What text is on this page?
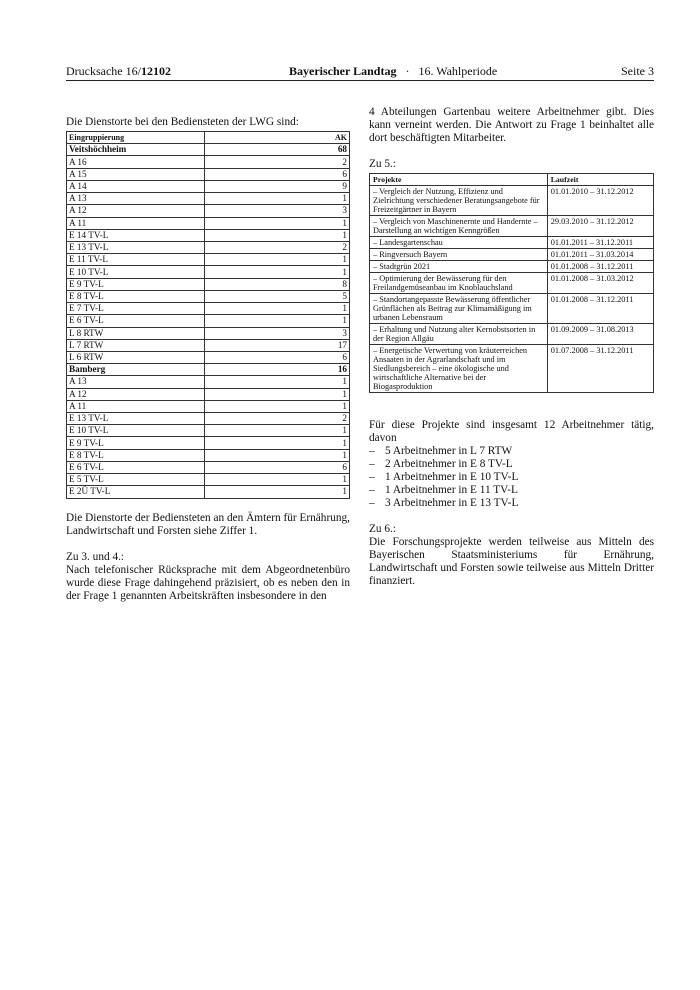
Drucksache 16/12102	Bayerischer Landtag · 16. Wahlperiode	Seite 3

Die Dienstorte bei den Bediensteten der LWG sind:

Eingruppierung	AK
Veitshöchheim	68
A 16	2
A 15	6
A 14	9
A 13	1
A 12	3
A 11	1
E 14 TV-L	1
E 13 TV-L	2
E 11 TV-L	1
E 10 TV-L	1
E 9 TV-L	8
E 8 TV-L	5
E 7 TV-L	1
E 6 TV-L	1
L 8 RTW	3
L 7 RTW	17
L 6 RTW	6
Bamberg	16
A 13	1
A 12	1
A 11	1
E 13 TV-L	2
E 10 TV-L	1
E 9 TV-L	1
E 8 TV-L	1
E 6 TV-L	6
E 5 TV-L	1
E 2Ü TV-L	1

Die Dienstorte der Bediensteten an den Ämtern für Ernährung, Landwirtschaft und Forsten siehe Ziffer 1.

Zu 3. und 4.:

Nach telefonischer Rücksprache mit dem Abgeordnetenbüro wurde diese Frage dahingehend präzisiert, ob es neben den in der Frage 1 genannten Arbeitskräften insbesondere in den

4 Abteilungen Gartenbau weitere Arbeitnehmer gibt. Dies kann verneint werden. Die Antwort zu Frage 1 beinhaltet alle dort beschäftigten Mitarbeiter.

Zu 5.:

Projekte	Laufzeit
– Vergleich der Nutzung, Effizienz und Zielrichtung verschiedener Beratungsangebote für Freizeitgärtner in Bayern	01.01.2010 – 31.12.2012
– Vergleich von Maschinenernte und Handernte – Darstellung an wichtigen Kenngrößen	29.03.2010 – 31.12.2012
– Landesgartenschau	01.01.2011 – 31.12.2011
– Ringversuch Bayern	01.01.2011 – 31.03.2014
– Stadtgrün 2021	01.01.2008 – 31.12.2011
– Optimierung der Bewässerung für den Freilandgemüseanbau im Knoblauchsland	01.01.2008 – 31.03.2012
– Standortangepasste Bewässerung öffentlicher Grünflächen als Beitrag zur Klimamäßigung im urbanen Lebensraum	01.01.2008 – 31.12.2011
– Erhaltung und Nutzung alter Kernobstsorten in der Region Allgäu	01.09.2009 – 31.08.2013
– Energetische Verwertung von kräuterreichen Ansaaten in der Agrarlandschaft und im Siedlungsbereich – eine ökologische und wirtschaftliche Alternative bei der Biogasproduktion	01.07.2008 – 31.12.2011

Für diese Projekte sind insgesamt 12 Arbeitnehmer tätig, davon

– 5 Arbeitnehmer in L 7 RTW
– 2 Arbeitnehmer in E 8 TV-L
– 1 Arbeitnehmer in E 10 TV-L
– 1 Arbeitnehmer in E 11 TV-L
– 3 Arbeitnehmer in E 13 TV-L

Zu 6.:

Die Forschungsprojekte werden teilweise aus Mitteln des Bayerischen Staatsministeriums für Ernährung, Landwirtschaft und Forsten sowie teilweise aus Mitteln Dritter finanziert.
